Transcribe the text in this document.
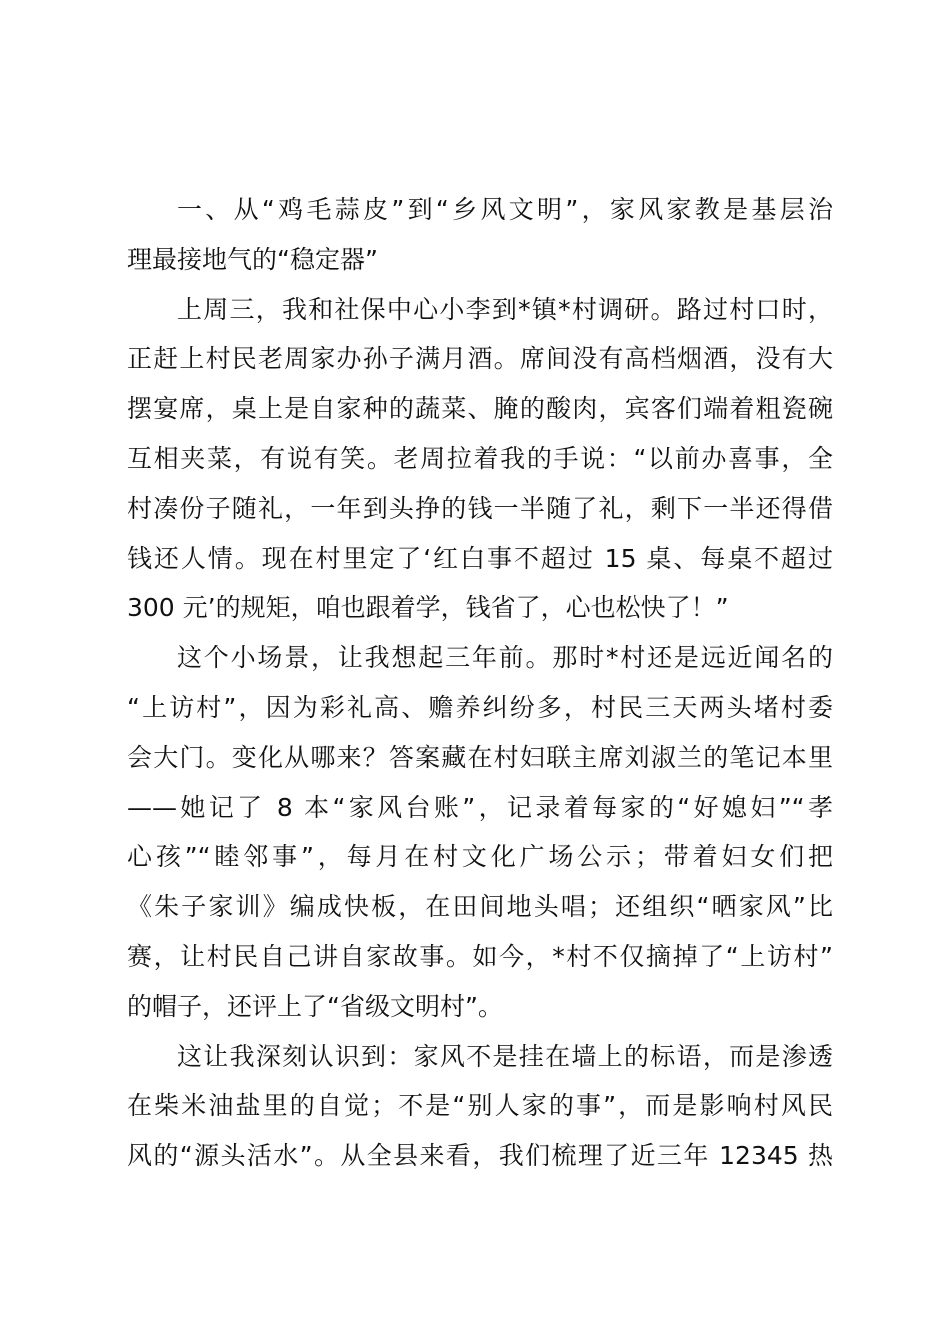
一、从“鸡毛蒜皮”到“乡风文明”，家风家教是基层治
理最接地气的“稳定器”
上周三，我和社保中心小李到*镇*村调研。路过村口时，
正赶上村民老周家办孙子满月酒。席间没有高档烟酒，没有大
摆宴席，桌上是自家种的蔬菜、腌的酸肉，宾客们端着粗瓷碗
互相夹菜，有说有笑。老周拉着我的手说：“以前办喜事，全
村凑份子随礼，一年到头挣的钱一半随了礼，剩下一半还得借
钱还人情。现在村里定了‘红白事不超过 15 桌、每桌不超过
300 元’的规矩，咱也跟着学，钱省了，心也松快了！”
这个小场景，让我想起三年前。那时*村还是远近闻名的
“上访村”，因为彩礼高、赡养纠纷多，村民三天两头堵村委
会大门。变化从哪来？答案藏在村妇联主席刘淑兰的笔记本里
——她记了 8 本“家风台账”，记录着每家的“好媳妇”“孝
心孩”“睦邻事”，每月在村文化广场公示；带着妇女们把
《朱子家训》编成快板，在田间地头唱；还组织“晒家风”比
赛，让村民自己讲自家故事。如今，*村不仅摘掉了“上访村”
的帽子，还评上了“省级文明村”。
这让我深刻认识到：家风不是挂在墙上的标语，而是渗透
在柴米油盐里的自觉；不是“别人家的事”，而是影响村风民
风的“源头活水”。从全县来看，我们梳理了近三年 12345 热
